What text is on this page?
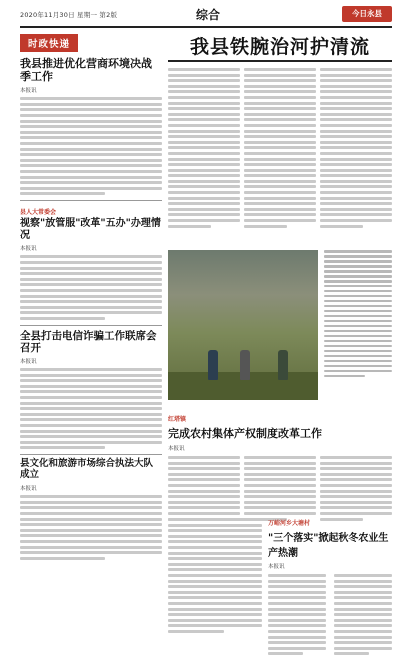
2020年11月30日 星期一 第2版	综合	今日永县
时政快递
我县推进优化营商环境决战季工作
本报讯
县人大常委会
视察"放管服"改革"五办"办理情况
本报讯
全县打击电信诈骗工作联席会召开
本报讯
县文化和旅游市场综合执法大队成立
本报讯
我县铁腕治河护清流
红塔镇
完成农村集体产权制度改革工作
本报讯
万峪河乡大塘村
"三个落实"掀起秋冬农业生产热潮
本报讯
